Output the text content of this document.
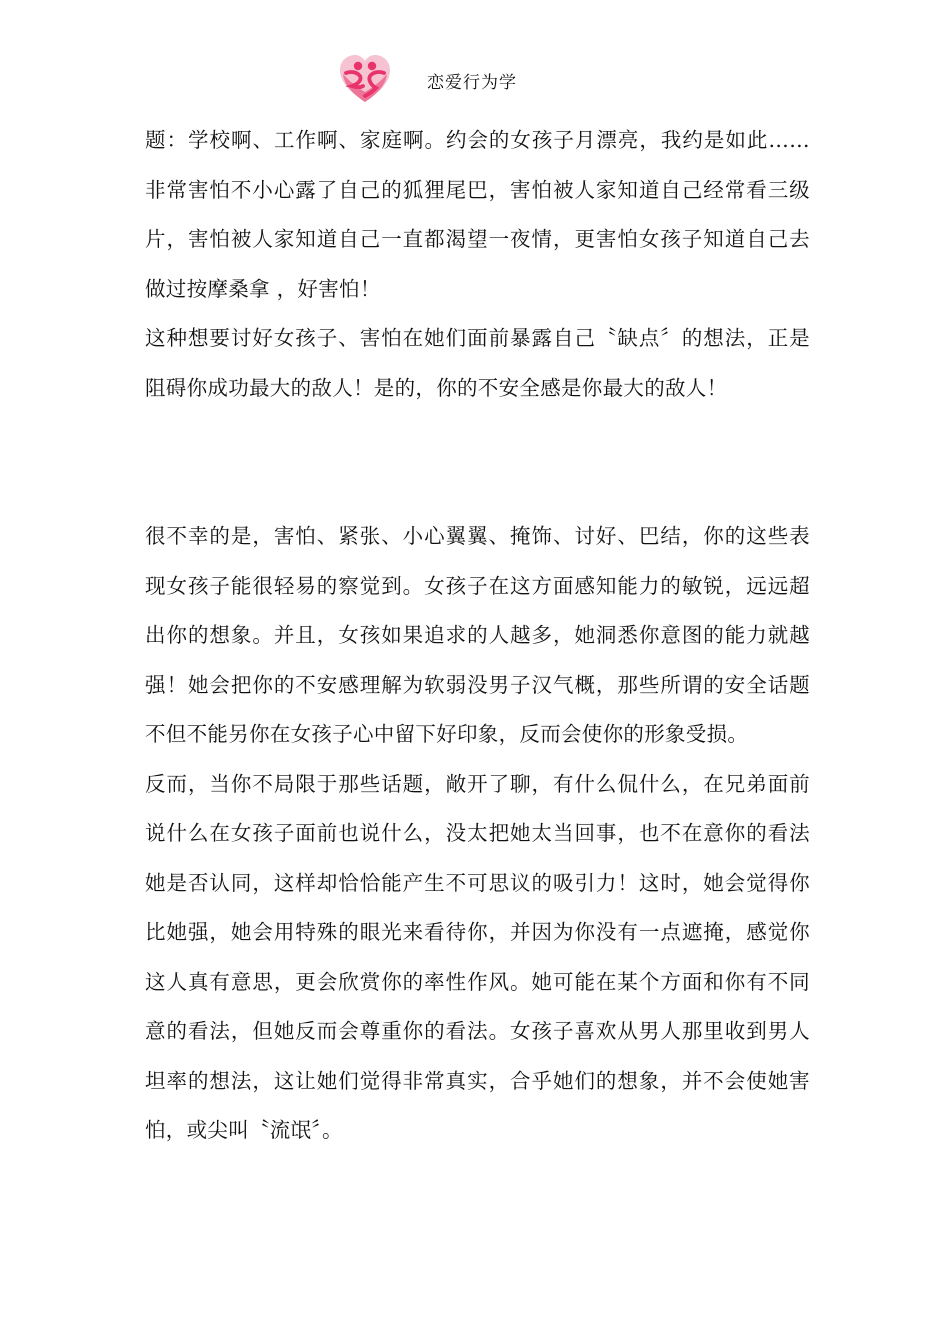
恋爱行为学

题：学校啊、工作啊、家庭啊。约会的女孩子月漂亮，我约是如此……非常害怕不小心露了自己的狐狸尾巴，害怕被人家知道自己经常看三级片，害怕被人家知道自己一直都渴望一夜情，更害怕女孩子知道自己去做过按摩桑拿 ，好害怕！

这种想要讨好女孩子、害怕在她们面前暴露自己〝缺点〞的想法，正是阻碍你成功最大的敌人！是的，你的不安全感是你最大的敌人！

很不幸的是，害怕、紧张、小心翼翼、掩饰、讨好、巴结，你的这些表现女孩子能很轻易的察觉到。女孩子在这方面感知能力的敏锐，远远超出你的想象。并且，女孩如果追求的人越多，她洞悉你意图的能力就越强！她会把你的不安感理解为软弱没男子汉气概，那些所谓的安全话题不但不能另你在女孩子心中留下好印象，反而会使你的形象受损。

反而，当你不局限于那些话题，敞开了聊，有什么侃什么，在兄弟面前说什么在女孩子面前也说什么，没太把她太当回事，也不在意你的看法她是否认同，这样却恰恰能产生不可思议的吸引力！这时，她会觉得你比她强，她会用特殊的眼光来看待你，并因为你没有一点遮掩，感觉你这人真有意思，更会欣赏你的率性作风。她可能在某个方面和你有不同意的看法，但她反而会尊重你的看法。女孩子喜欢从男人那里收到男人坦率的想法，这让她们觉得非常真实，合乎她们的想象，并不会使她害怕，或尖叫〝流氓〞。
